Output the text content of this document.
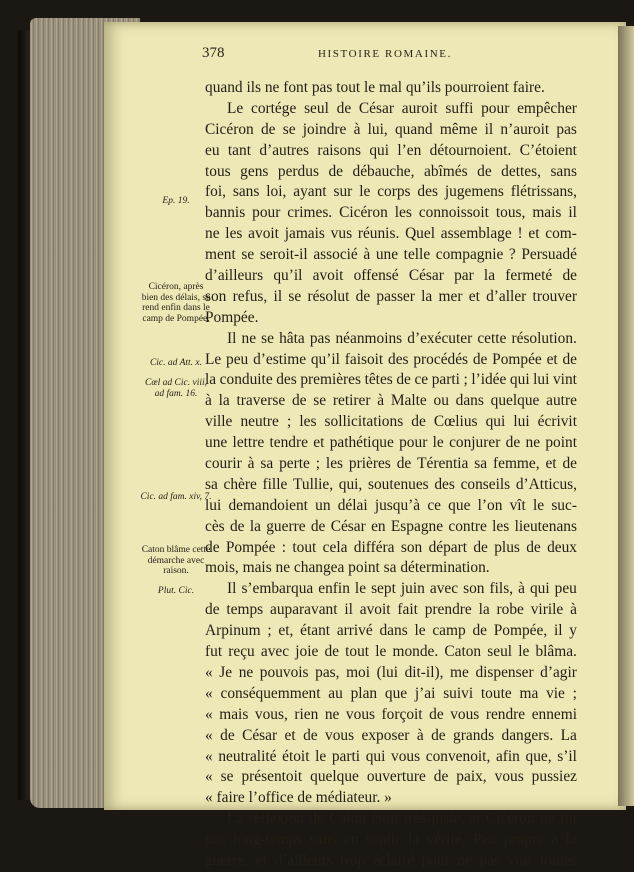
378	HISTOIRE ROMAINE.
quand ils ne font pas tout le mal qu’ils pourroient faire.
Le cortége seul de César auroit suffi pour empêcher
Cicéron de se joindre à lui, quand même il n’auroit pas
eu tant d’autres raisons qui l’en détournoient. C’étoient
tous gens perdus de débauche, abîmés de dettes, sans
foi, sans loi, ayant sur le corps des jugemens flétrissans,
bannis pour crimes. Cicéron les connoissoit tous, mais il
ne les avoit jamais vus réunis. Quel assemblage ! et com-
ment se seroit-il associé à une telle compagnie ? Persuadé
d’ailleurs qu’il avoit offensé César par la fermeté de
son refus, il se résolut de passer la mer et d’aller trouver
Pompée.
Il ne se hâta pas néanmoins d’exécuter cette résolution.
Le peu d’estime qu’il faisoit des procédés de Pompée et de
la conduite des premières têtes de ce parti ; l’idée qui lui vint
à la traverse de se retirer à Malte ou dans quelque autre
ville neutre ; les sollicitations de Cœlius qui lui écrivit
une lettre tendre et pathétique pour le conjurer de ne point
courir à sa perte ; les prières de Térentia sa femme, et de
sa chère fille Tullie, qui, soutenues des conseils d’Atticus,
lui demandoient un délai jusqu’à ce que l’on vît le suc-
cès de la guerre de César en Espagne contre les lieutenans
de Pompée : tout cela différa son départ de plus de deux
mois, mais ne changea point sa détermination.
Il s’embarqua enfin le sept juin avec son fils, à qui peu
de temps auparavant il avoit fait prendre la robe virile à
Arpinum ; et, étant arrivé dans le camp de Pompée, il y
fut reçu avec joie de tout le monde. Caton seul le blâma.
« Je ne pouvois pas, moi (lui dit-il), me dispenser d’agir
« conséquemment au plan que j’ai suivi toute ma vie ;
« mais vous, rien ne vous forçoit de vous rendre ennemi
« de César et de vous exposer à de grands dangers. La
« neutralité étoit le parti qui vous convenoit, afin que, s’il
« se présentoit quelque ouverture de paix, vous pussiez
« faire l’office de médiateur. »
La réflexion de Caton étoit très-juste, et Cicéron ne fut
pas long-temps sans en sentir la vérité. Peu propre à la
guerre, et d’ailleurs trop éclairé pour ne pas voir toutes
Ep. 19.
Cicéron, après bien des délais, se rend enfin dans le camp de Pompée.
Cic. ad Att. x.
Cœl ad Cic. viii, ad fam. 16.
Cic. ad fam. xiv, 7.
Caton blâme cette démarche avec raison.
Plut. Cic.
